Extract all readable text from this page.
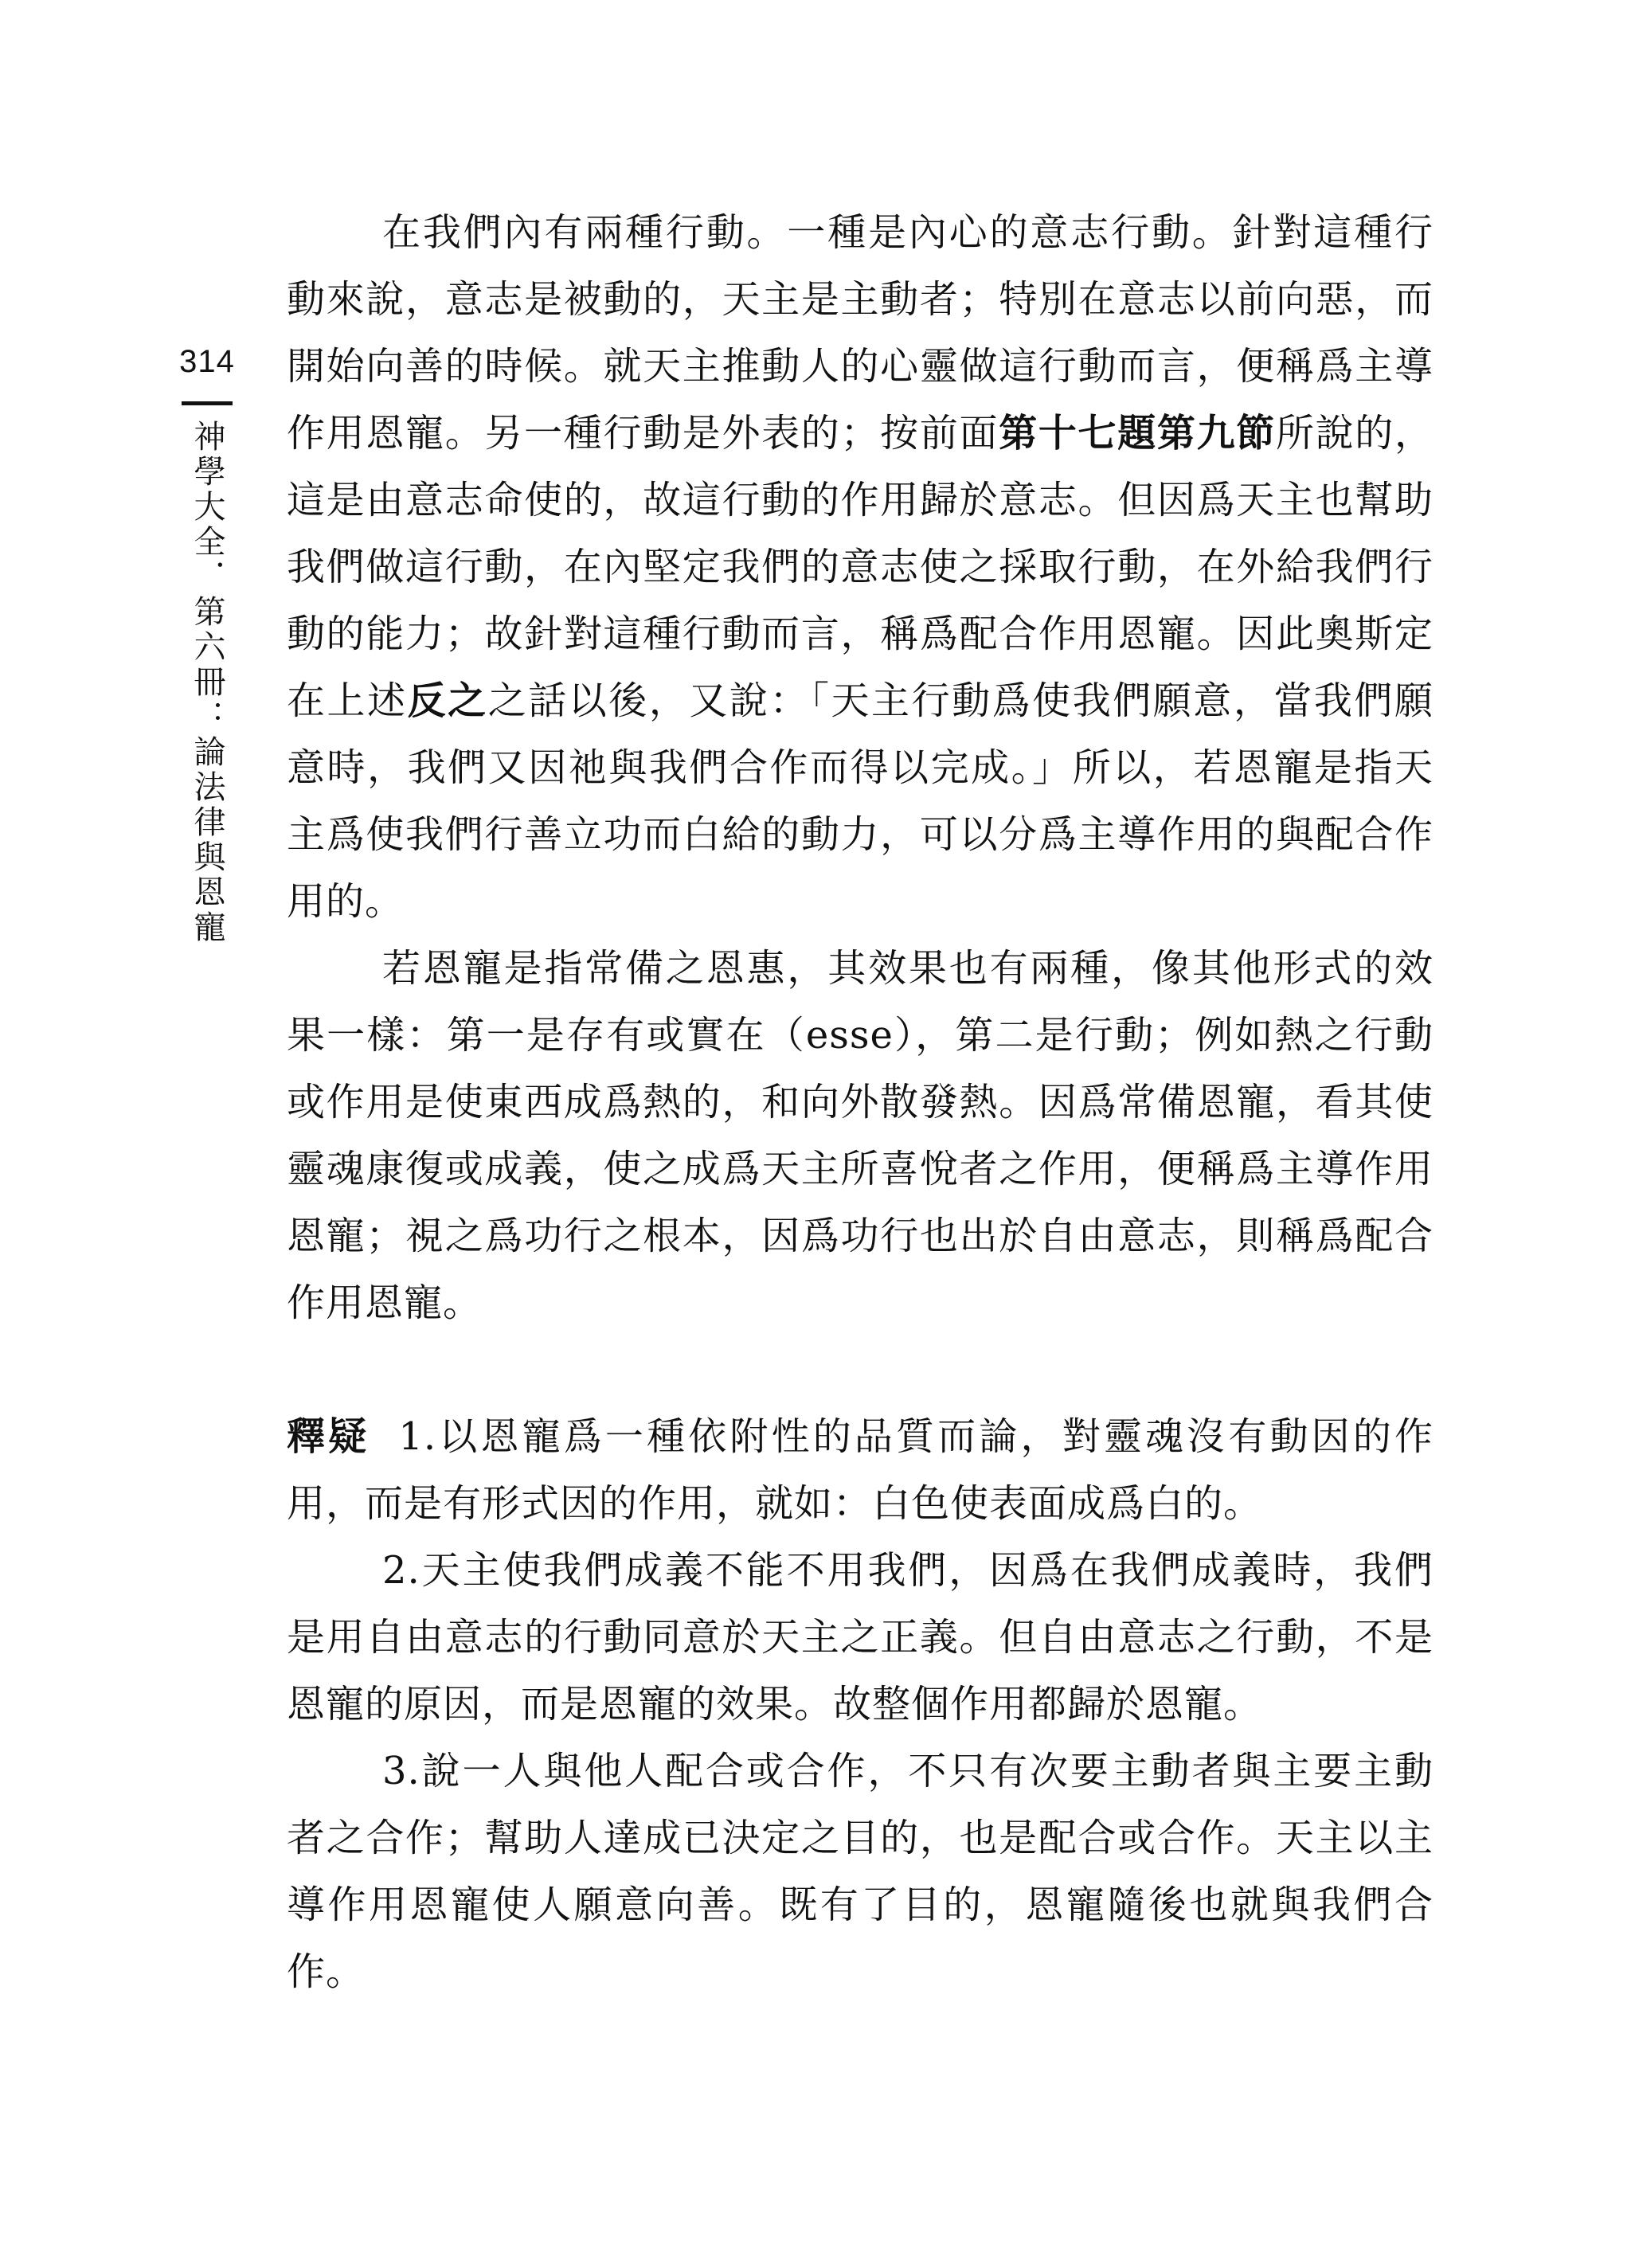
314
神學大全．第六冊：論法律與恩寵

在我們內有兩種行動。一種是內心的意志行動。針對這種行動來說，意志是被動的，天主是主動者；特別在意志以前向惡，而開始向善的時候。就天主推動人的心靈做這行動而言，便稱爲主導作用恩寵。另一種行動是外表的；按前面第十七題第九節所說的，這是由意志命使的，故這行動的作用歸於意志。但因爲天主也幫助我們做這行動，在內堅定我們的意志使之採取行動，在外給我們行動的能力；故針對這種行動而言，稱爲配合作用恩寵。因此奧斯定在上述反之之話以後，又說：「天主行動爲使我們願意，當我們願意時，我們又因祂與我們合作而得以完成。」所以，若恩寵是指天主爲使我們行善立功而白給的動力，可以分爲主導作用的與配合作用的。

若恩寵是指常備之恩惠，其效果也有兩種，像其他形式的效果一樣：第一是存有或實在（esse），第二是行動；例如熱之行動或作用是使東西成爲熱的，和向外散發熱。因爲常備恩寵，看其使靈魂康復或成義，使之成爲天主所喜悅者之作用，便稱爲主導作用恩寵；視之爲功行之根本，因爲功行也出於自由意志，則稱爲配合作用恩寵。

釋疑 1.以恩寵爲一種依附性的品質而論，對靈魂沒有動因的作用，而是有形式因的作用，就如：白色使表面成爲白的。

2.天主使我們成義不能不用我們，因爲在我們成義時，我們是用自由意志的行動同意於天主之正義。但自由意志之行動，不是恩寵的原因，而是恩寵的效果。故整個作用都歸於恩寵。

3.說一人與他人配合或合作，不只有次要主動者與主要主動者之合作；幫助人達成已決定之目的，也是配合或合作。天主以主導作用恩寵使人願意向善。既有了目的，恩寵隨後也就與我們合作。
